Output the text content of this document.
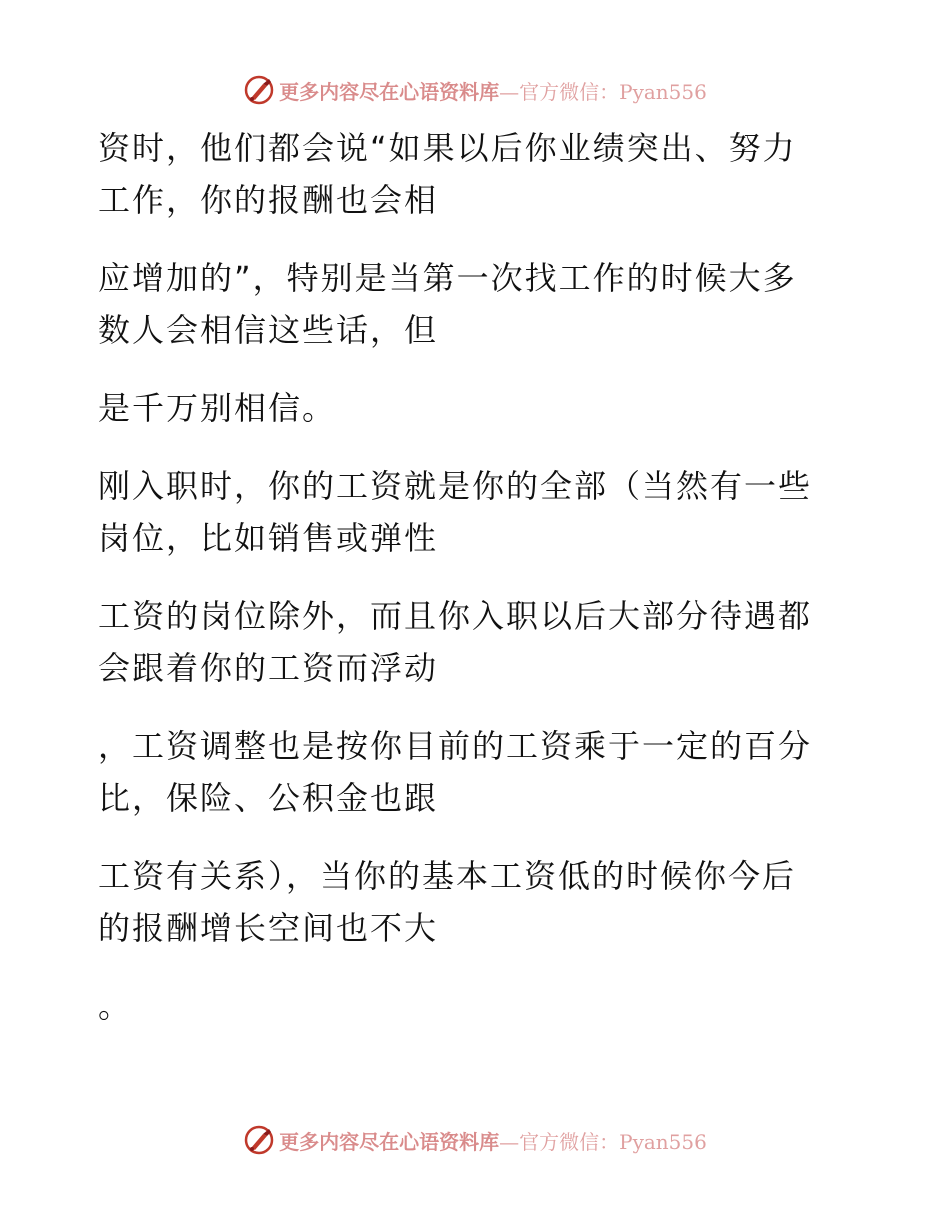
更多内容尽在心语资料库—官方微信：Pyan556

资时，他们都会说“如果以后你业绩突出、努力
工作，你的报酬也会相

应增加的”，特别是当第一次找工作的时候大多
数人会相信这些话，但

是千万别相信。

刚入职时，你的工资就是你的全部（当然有一些
岗位，比如销售或弹性

工资的岗位除外，而且你入职以后大部分待遇都
会跟着你的工资而浮动

，工资调整也是按你目前的工资乘于一定的百分
比，保险、公积金也跟

工资有关系），当你的基本工资低的时候你今后
的报酬增长空间也不大

。

更多内容尽在心语资料库—官方微信：Pyan556
